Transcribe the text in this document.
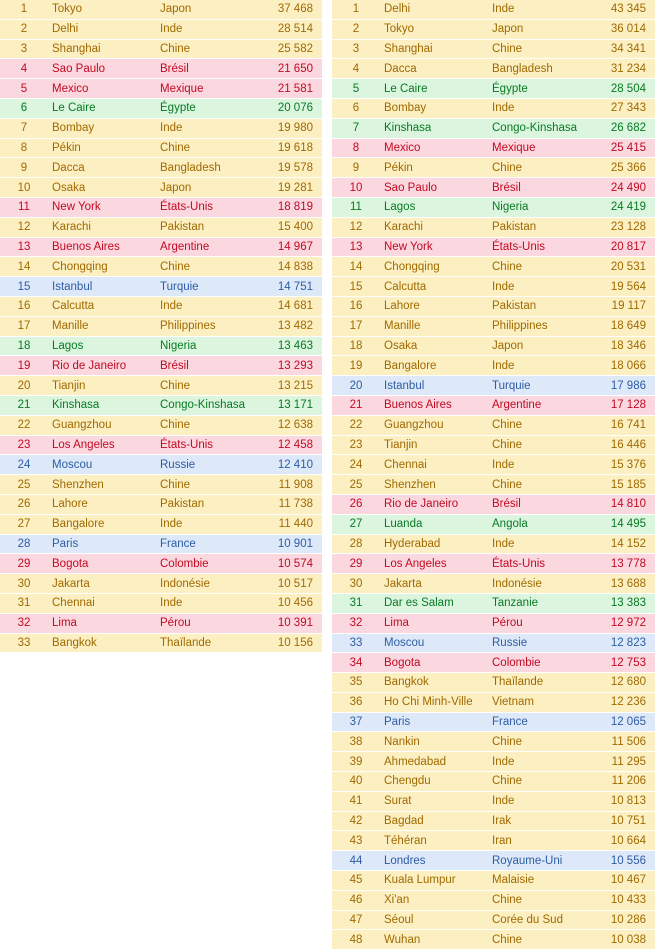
1	Tokyo	Japon	37 468
2	Delhi	Inde	28 514
3	Shanghai	Chine	25 582
4	Sao Paulo	Brésil	21 650
5	Mexico	Mexique	21 581
6	Le Caire	Égypte	20 076
7	Bombay	Inde	19 980
8	Pékin	Chine	19 618
9	Dacca	Bangladesh	19 578
10	Osaka	Japon	19 281
11	New York	États-Unis	18 819
12	Karachi	Pakistan	15 400
13	Buenos Aires	Argentine	14 967
14	Chongqing	Chine	14 838
15	Istanbul	Turquie	14 751
16	Calcutta	Inde	14 681
17	Manille	Philippines	13 482
18	Lagos	Nigeria	13 463
19	Rio de Janeiro	Brésil	13 293
20	Tianjin	Chine	13 215
21	Kinshasa	Congo-Kinshasa	13 171
22	Guangzhou	Chine	12 638
23	Los Angeles	États-Unis	12 458
24	Moscou	Russie	12 410
25	Shenzhen	Chine	11 908
26	Lahore	Pakistan	11 738
27	Bangalore	Inde	11 440
28	Paris	France	10 901
29	Bogota	Colombie	10 574
30	Jakarta	Indonésie	10 517
31	Chennai	Inde	10 456
32	Lima	Pérou	10 391
33	Bangkok	Thaïlande	10 156
1	Delhi	Inde	43 345
2	Tokyo	Japon	36 014
3	Shanghai	Chine	34 341
4	Dacca	Bangladesh	31 234
5	Le Caire	Égypte	28 504
6	Bombay	Inde	27 343
7	Kinshasa	Congo-Kinshasa	26 682
8	Mexico	Mexique	25 415
9	Pékin	Chine	25 366
10	Sao Paulo	Brésil	24 490
11	Lagos	Nigeria	24 419
12	Karachi	Pakistan	23 128
13	New York	États-Unis	20 817
14	Chongqing	Chine	20 531
15	Calcutta	Inde	19 564
16	Lahore	Pakistan	19 117
17	Manille	Philippines	18 649
18	Osaka	Japon	18 346
19	Bangalore	Inde	18 066
20	Istanbul	Turquie	17 986
21	Buenos Aires	Argentine	17 128
22	Guangzhou	Chine	16 741
23	Tianjin	Chine	16 446
24	Chennai	Inde	15 376
25	Shenzhen	Chine	15 185
26	Rio de Janeiro	Brésil	14 810
27	Luanda	Angola	14 495
28	Hyderabad	Inde	14 152
29	Los Angeles	États-Unis	13 778
30	Jakarta	Indonésie	13 688
31	Dar es Salam	Tanzanie	13 383
32	Lima	Pérou	12 972
33	Moscou	Russie	12 823
34	Bogota	Colombie	12 753
35	Bangkok	Thaïlande	12 680
36	Ho Chi Minh-Ville	Vietnam	12 236
37	Paris	France	12 065
38	Nankin	Chine	11 506
39	Ahmedabad	Inde	11 295
40	Chengdu	Chine	11 206
41	Surat	Inde	10 813
42	Bagdad	Irak	10 751
43	Téhéran	Iran	10 664
44	Londres	Royaume-Uni	10 556
45	Kuala Lumpur	Malaisie	10 467
46	Xi'an	Chine	10 433
47	Séoul	Corée du Sud	10 286
48	Wuhan	Chine	10 038
